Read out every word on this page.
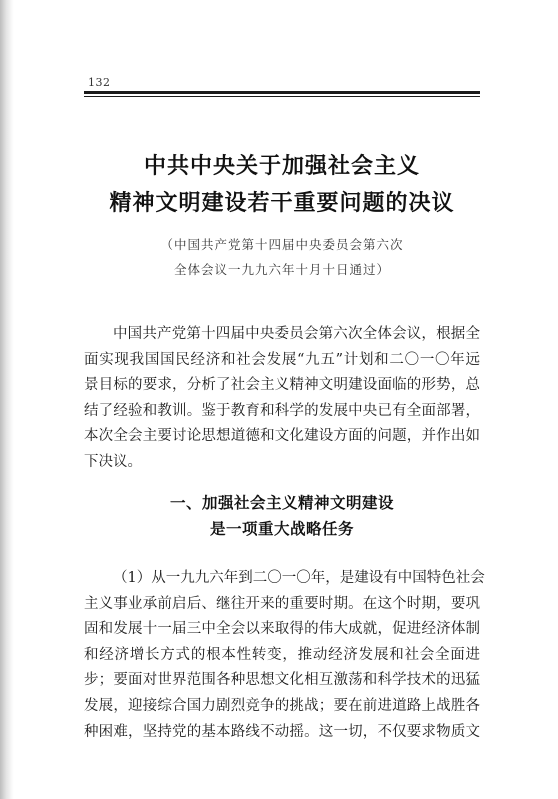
132
中共中央关于加强社会主义
精神文明建设若干重要问题的决议
（中国共产党第十四届中央委员会第六次
全体会议一九九六年十月十日通过）
中国共产党第十四届中央委员会第六次全体会议，根据全
面实现我国国民经济和社会发展“九五”计划和二〇一〇年远
景目标的要求，分析了社会主义精神文明建设面临的形势，总
结了经验和教训。鉴于教育和科学的发展中央已有全面部署，
本次全会主要讨论思想道德和文化建设方面的问题，并作出如
下决议。
一、加强社会主义精神文明建设
是一项重大战略任务
（1）从一九九六年到二〇一〇年，是建设有中国特色社会
主义事业承前启后、继往开来的重要时期。在这个时期，要巩
固和发展十一届三中全会以来取得的伟大成就，促进经济体制
和经济增长方式的根本性转变，推动经济发展和社会全面进
步；要面对世界范围各种思想文化相互激荡和科学技术的迅猛
发展，迎接综合国力剧烈竞争的挑战；要在前进道路上战胜各
种困难，坚持党的基本路线不动摇。这一切，不仅要求物质文
